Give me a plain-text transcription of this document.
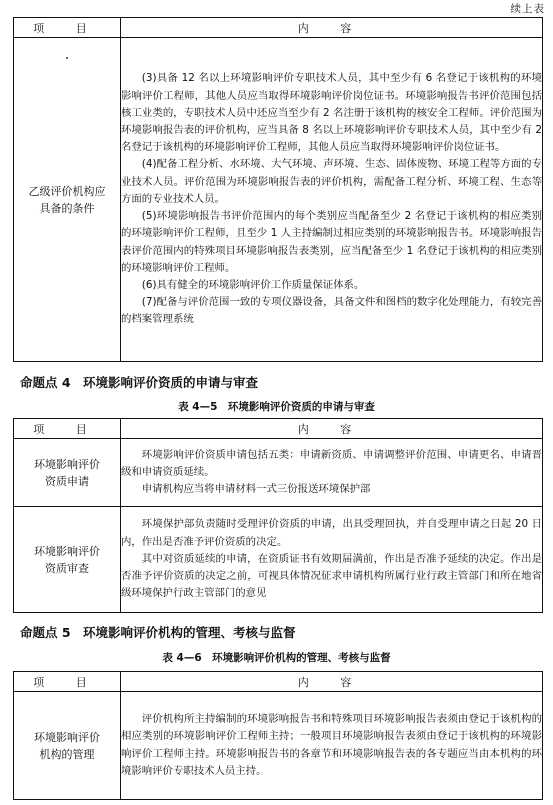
续上表
项 目	内 容
乙级评价机构应具备的条件	(3)具备 12 名以上环境影响评价专职技术人员，其中至少有 6 名登记于该机构的环境影响评价工程师，其他人员应当取得环境影响评价岗位证书。环境影响报告书评价范围包括核工业类的，专职技术人员中还应当至少有 2 名注册于该机构的核安全工程师。评价范围为环境影响报告表的评价机构，应当具备 8 名以上环境影响评价专职技术人员，其中至少有 2 名登记于该机构的环境影响评价工程师，其他人员应当取得环境影响评价岗位证书。

(4)配备工程分析、水环境、大气环境、声环境、生态、固体废物、环境工程等方面的专业技术人员。评价范围为环境影响报告表的评价机构，需配备工程分析、环境工程、生态等方面的专业技术人员。

(5)环境影响报告书评价范围内的每个类别应当配备至少 2 名登记于该机构的相应类别的环境影响评价工程师，且至少 1 人主持编制过相应类别的环境影响报告书。环境影响报告表评价范围内的特殊项目环境影响报告表类别，应当配备至少 1 名登记于该机构的相应类别的环境影响评价工程师。

(6)具有健全的环境影响评价工作质量保证体系。

(7)配备与评价范围一致的专项仪器设备，具备文件和图档的数字化处理能力，有较完善的档案管理系统

命题点 4　环境影响评价资质的申请与审查
表 4—5　环境影响评价资质的申请与审查
项 目	内 容
环境影响评价资质申请	环境影响评价资质申请包括五类：申请新资质、申请调整评价范围、申请更名、申请晋级和申请资质延续。

申请机构应当将申请材料一式三份报送环境保护部

环境影响评价资质审查	环境保护部负责随时受理评价资质的申请，出具受理回执，并自受理申请之日起 20 日内，作出是否准予评价资质的决定。

其中对资质延续的申请，在资质证书有效期届满前，作出是否准予延续的决定。作出是否准予评价资质的决定之前，可视具体情况征求申请机构所属行业行政主管部门和所在地省级环境保护行政主管部门的意见

命题点 5　环境影响评价机构的管理、考核与监督
表 4—6　环境影响评价机构的管理、考核与监督
项 目	内 容
环境影响评价机构的管理	评价机构所主持编制的环境影响报告书和特殊项目环境影响报告表须由登记于该机构的相应类别的环境影响评价工程师主持；一般项目环境影响报告表须由登记于该机构的环境影响评价工程师主持。环境影响报告书的各章节和环境影响报告表的各专题应当由本机构的环境影响评价专职技术人员主持。
